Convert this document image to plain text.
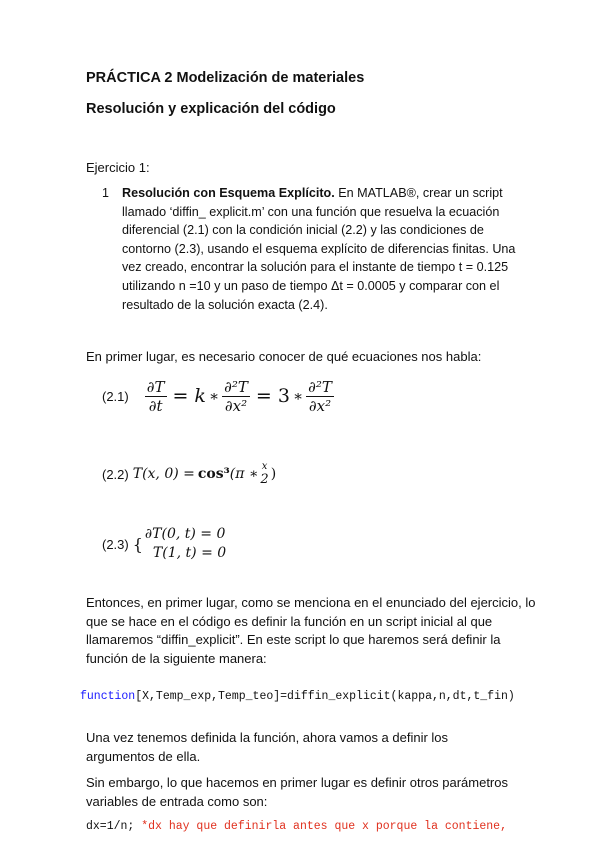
PRÁCTICA 2 Modelización de materiales
Resolución y explicación del código
Ejercicio 1:
1 Resolución con Esquema Explícito. En MATLAB®, crear un script llamado ‘diffin_ explicit.m’ con una función que resuelva la ecuación diferencial (2.1) con la condición inicial (2.2) y las condiciones de contorno (2.3), usando el esquema explícito de diferencias finitas. Una vez creado, encontrar la solución para el instante de tiempo t = 0.125 utilizando n =10 y un paso de tiempo Δt = 0.0005 y comparar con el resultado de la solución exacta (2.4).
En primer lugar, es necesario conocer de qué ecuaciones nos habla:
$(2.1) \frac{\partial T}{\partial t} = k$ ∗ $\frac{\text{∂²T}}{\text{∂x²}} = 3$ ∗ $\frac{\text{∂²T}}{\text{∂x²}}$
(2.2) T(x, 0) = cos³ (π ∗ x
2 )
(2.3) {
∂T(0, t) = 0
T(1, t) = 0
Entonces, en primer lugar, como se menciona en el enunciado del ejercicio, lo
que se hace en el código es definir la función en un script inicial al que
llamaremos “diffin_explicit”. En este script lo que haremos será definir la
función de la siguiente manera:
function[X,Temp_exp,Temp_teo]=diffin_explicit(kappa,n,dt,t_fin)
Una vez tenemos definida la función, ahora vamos a definir los
argumentos de ella.
Sin embargo, lo que hacemos en primer lugar es definir otros parámetros
variables de entrada como son:
dx=1/n; *dx hay que definirla antes que x porque la contiene,
